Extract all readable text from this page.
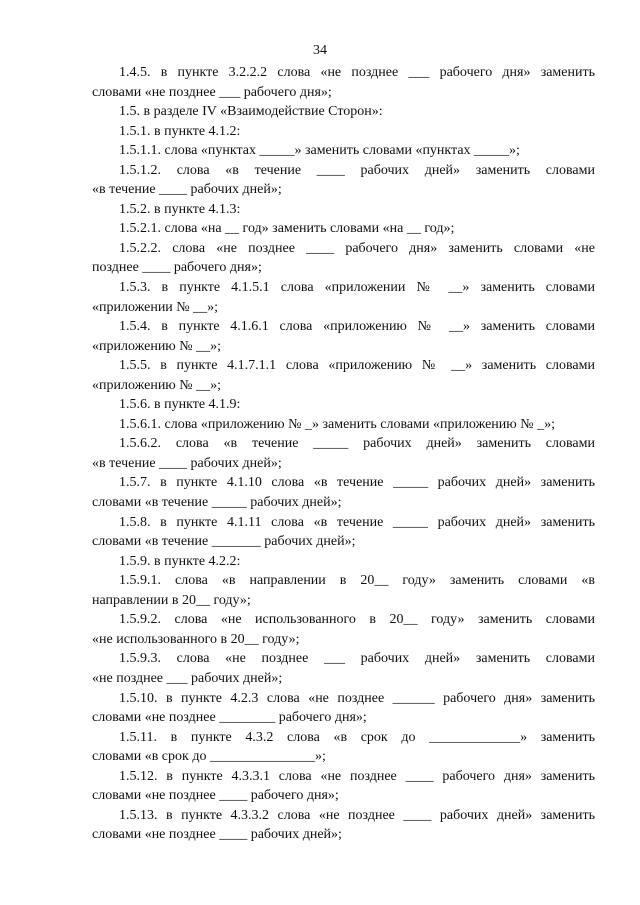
34
1.4.5. в пункте 3.2.2.2 слова «не позднее ___ рабочего дня» заменить
словами «не позднее ___ рабочего дня»;
1.5. в разделе IV «Взаимодействие Сторон»:
1.5.1. в пункте 4.1.2:
1.5.1.1. слова «пунктах _____» заменить словами «пунктах _____»;
1.5.1.2. слова «в течение ____ рабочих дней» заменить словами
«в течение ____ рабочих дней»;
1.5.2. в пункте 4.1.3:
1.5.2.1. слова «на __ год» заменить словами «на __ год»;
1.5.2.2. слова «не позднее ____ рабочего дня» заменить словами «не
позднее ____ рабочего дня»;
1.5.3. в пункте 4.1.5.1 слова «приложении № __» заменить словами
«приложении № __»;
1.5.4. в пункте 4.1.6.1 слова «приложению № __» заменить словами
«приложению № __»;
1.5.5. в пункте 4.1.7.1.1 слова «приложению № __» заменить словами
«приложению № __»;
1.5.6. в пункте 4.1.9:
1.5.6.1. слова «приложению № _» заменить словами «приложению № _»;
1.5.6.2. слова «в течение _____ рабочих дней» заменить словами
«в течение ____ рабочих дней»;
1.5.7. в пункте 4.1.10 слова «в течение _____ рабочих дней» заменить
словами «в течение _____ рабочих дней»;
1.5.8. в пункте 4.1.11 слова «в течение _____ рабочих дней» заменить
словами «в течение _______ рабочих дней»;
1.5.9. в пункте 4.2.2:
1.5.9.1. слова «в направлении в 20__ году» заменить словами «в
направлении в 20__ году»;
1.5.9.2. слова «не использованного в 20__ году» заменить словами
«не использованного в 20__ году»;
1.5.9.3. слова «не позднее ___ рабочих дней» заменить словами
«не позднее ___ рабочих дней»;
1.5.10. в пункте 4.2.3 слова «не позднее ______ рабочего дня» заменить
словами «не позднее ________ рабочего дня»;
1.5.11. в пункте 4.3.2 слова «в срок до _____________» заменить
словами «в срок до _______________»;
1.5.12. в пункте 4.3.3.1 слова «не позднее ____ рабочего дня» заменить
словами «не позднее ____ рабочего дня»;
1.5.13. в пункте 4.3.3.2 слова «не позднее ____ рабочих дней» заменить
словами «не позднее ____ рабочих дней»;
